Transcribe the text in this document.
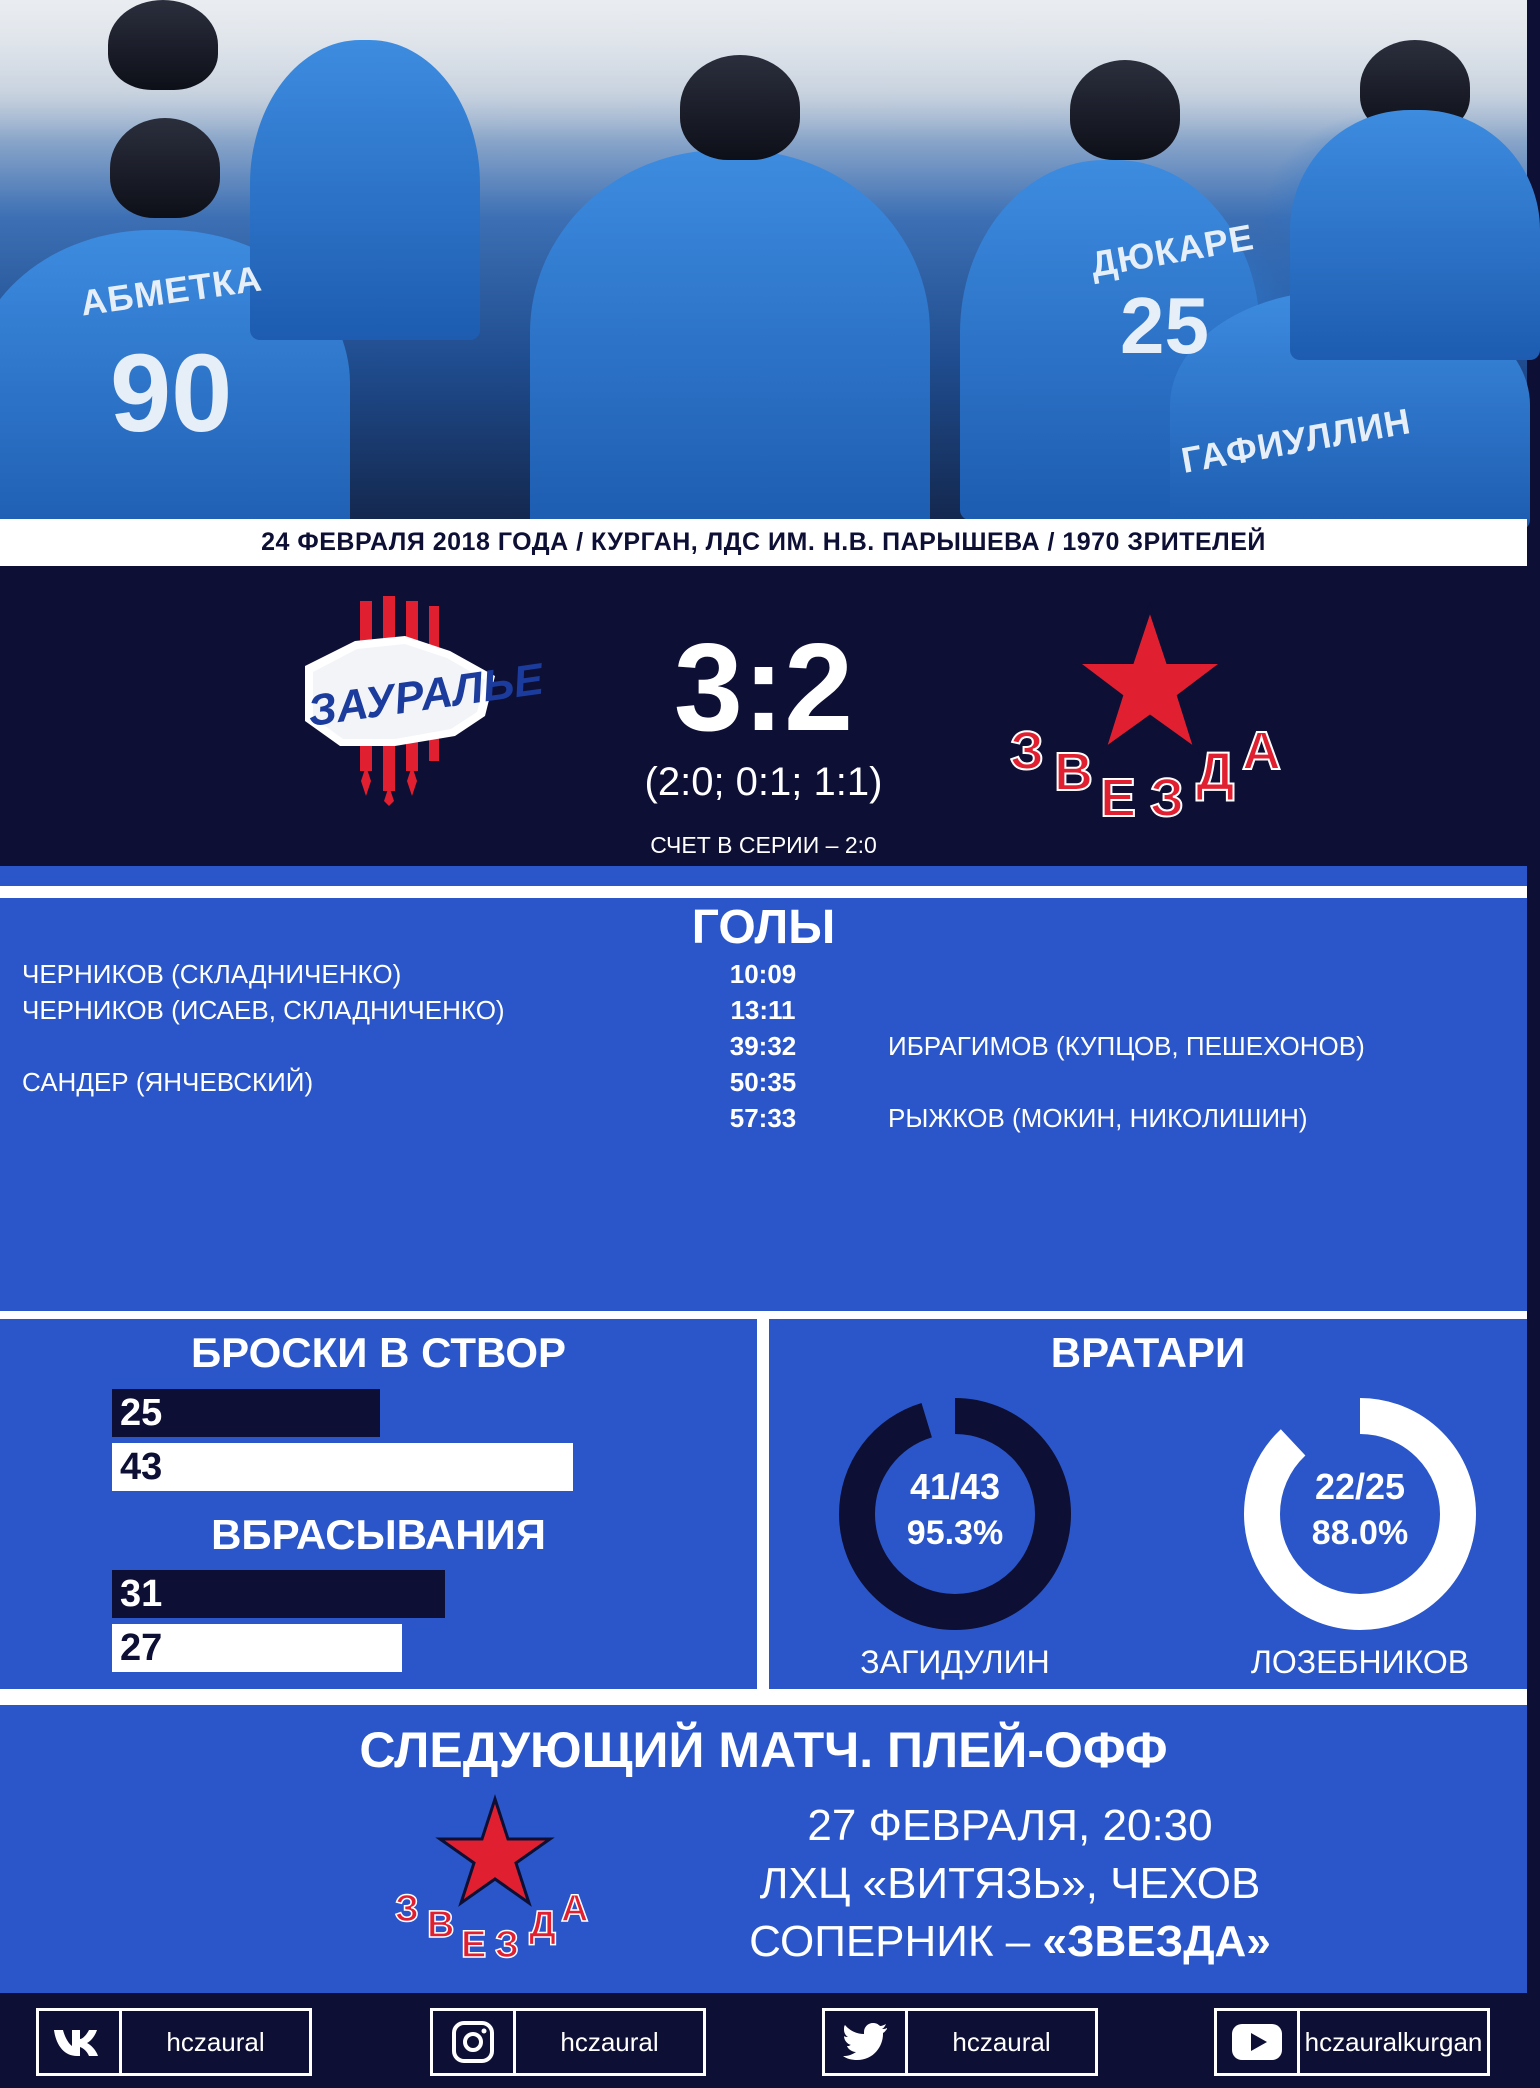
АБМЕТКА
90
ДЮКАРЕ
25
ГАФИУЛЛИН
24 ФЕВРАЛЯ 2018 ГОДА / КУРГАН, ЛДС ИМ. Н.В. ПАРЫШЕВА / 1970 ЗРИТЕЛЕЙ
ЗАУРАЛЬЕ	3:2
(2:0; 0:1; 1:1)
СЧЕТ В СЕРИИ – 2:0
З В Е З Д А
ГОЛЫ
ЧЕРНИКОВ (СКЛАДНИЧЕНКО)	10:09
ЧЕРНИКОВ (ИСАЕВ, СКЛАДНИЧЕНКО)	13:11
39:32	ИБРАГИМОВ (КУПЦОВ, ПЕШЕХОНОВ)
САНДЕР (ЯНЧЕВСКИЙ)	50:35
57:33	РЫЖКОВ (МОКИН, НИКОЛИШИН)
БРОСКИ В СТВОР
25
43
ВБРАСЫВАНИЯ
31
27
ВРАТАРИ
41/43
95.3%
ЗАГИДУЛИН
22/25
88.0%
ЛОЗЕБНИКОВ
СЛЕДУЮЩИЙ МАТЧ. ПЛЕЙ-ОФФ
З В Е З Д А
27 ФЕВРАЛЯ, 20:30
ЛХЦ «ВИТЯЗЬ», ЧЕХОВ
СОПЕРНИК – «ЗВЕЗДА»
hczaural	hczaural	hczaural	hczauralkurgan
